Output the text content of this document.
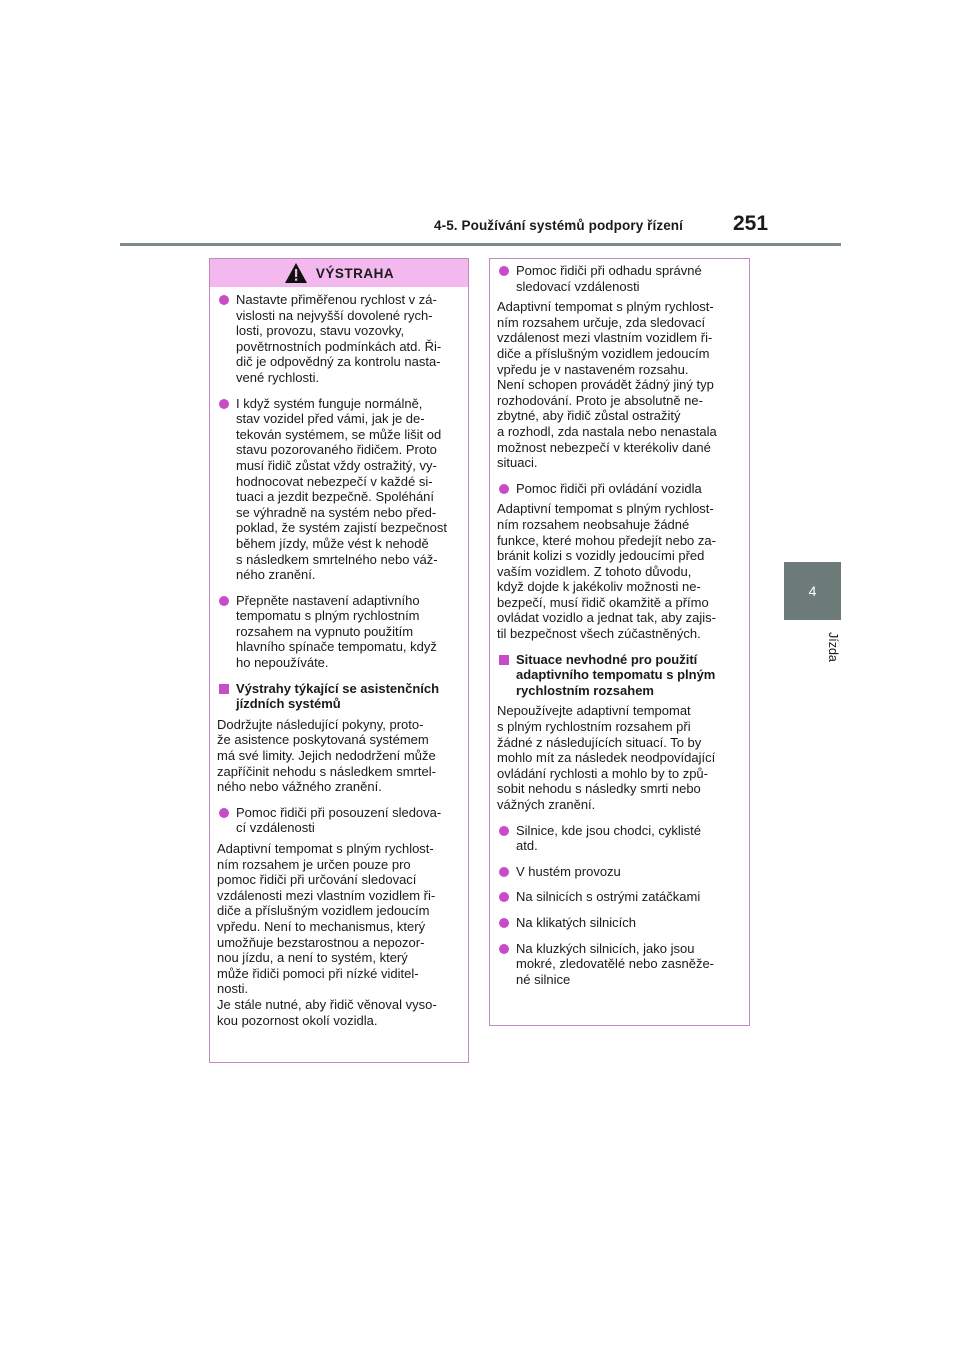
4-5. Používání systémů podpory řízení 251
4
Jízda
VÝSTRAHA
Nastavte přiměřenou rychlost v zá-
vislosti na nejvyšší dovolené rych-
losti, provozu, stavu vozovky,
povětrnostních podmínkách atd. Ři-
dič je odpovědný za kontrolu nasta-
vené rychlosti.
I když systém funguje normálně,
stav vozidel před vámi, jak je de-
tekován systémem, se může lišit od
stavu pozorovaného řidičem. Proto
musí řidič zůstat vždy ostražitý, vy-
hodnocovat nebezpečí v každé si-
tuaci a jezdit bezpečně. Spoléhání
se výhradně na systém nebo před-
poklad, že systém zajistí bezpečnost
během jízdy, může vést k nehodě
s následkem smrtelného nebo váž-
ného zranění.
Přepněte nastavení adaptivního
tempomatu s plným rychlostním
rozsahem na vypnuto použitím
hlavního spínače tempomatu, když
ho nepoužíváte.
Výstrahy týkající se asistenčních
jízdních systémů
Dodržujte následující pokyny, proto-
že asistence poskytovaná systémem
má své limity. Jejich nedodržení může
zapříčinit nehodu s následkem smrtel-
ného nebo vážného zranění.
Pomoc řidiči při posouzení sledova-
cí vzdálenosti
Adaptivní tempomat s plným rychlost-
ním rozsahem je určen pouze pro
pomoc řidiči při určování sledovací
vzdálenosti mezi vlastním vozidlem ři-
diče a příslušným vozidlem jedoucím
vpředu. Není to mechanismus, který
umožňuje bezstarostnou a nepozor-
nou jízdu, a není to systém, který
může řidiči pomoci při nízké viditel-
nosti.
Je stále nutné, aby řidič věnoval vyso-
kou pozornost okolí vozidla.
Pomoc řidiči při odhadu správné
sledovací vzdálenosti
Adaptivní tempomat s plným rychlost-
ním rozsahem určuje, zda sledovací
vzdálenost mezi vlastním vozidlem ři-
diče a příslušným vozidlem jedoucím
vpředu je v nastaveném rozsahu.
Není schopen provádět žádný jiný typ
rozhodování. Proto je absolutně ne-
zbytné, aby řidič zůstal ostražitý
a rozhodl, zda nastala nebo nenastala
možnost nebezpečí v kterékoliv dané
situaci.
Pomoc řidiči při ovládání vozidla
Adaptivní tempomat s plným rychlost-
ním rozsahem neobsahuje žádné
funkce, které mohou předejít nebo za-
bránit kolizi s vozidly jedoucími před
vaším vozidlem. Z tohoto důvodu,
když dojde k jakékoliv možnosti ne-
bezpečí, musí řidič okamžitě a přímo
ovládat vozidlo a jednat tak, aby zajis-
til bezpečnost všech zúčastněných.
Situace nevhodné pro použití
adaptivního tempomatu s plným
rychlostním rozsahem
Nepoužívejte adaptivní tempomat
s plným rychlostním rozsahem při
žádné z následujících situací. To by
mohlo mít za následek neodpovídající
ovládání rychlosti a mohlo by to způ-
sobit nehodu s následky smrti nebo
vážných zranění.
Silnice, kde jsou chodci, cyklisté
atd.
V hustém provozu
Na silnicích s ostrými zatáčkami
Na klikatých silnicích
Na kluzkých silnicích, jako jsou
mokré, zledovatělé nebo zasněže-
né silnice
